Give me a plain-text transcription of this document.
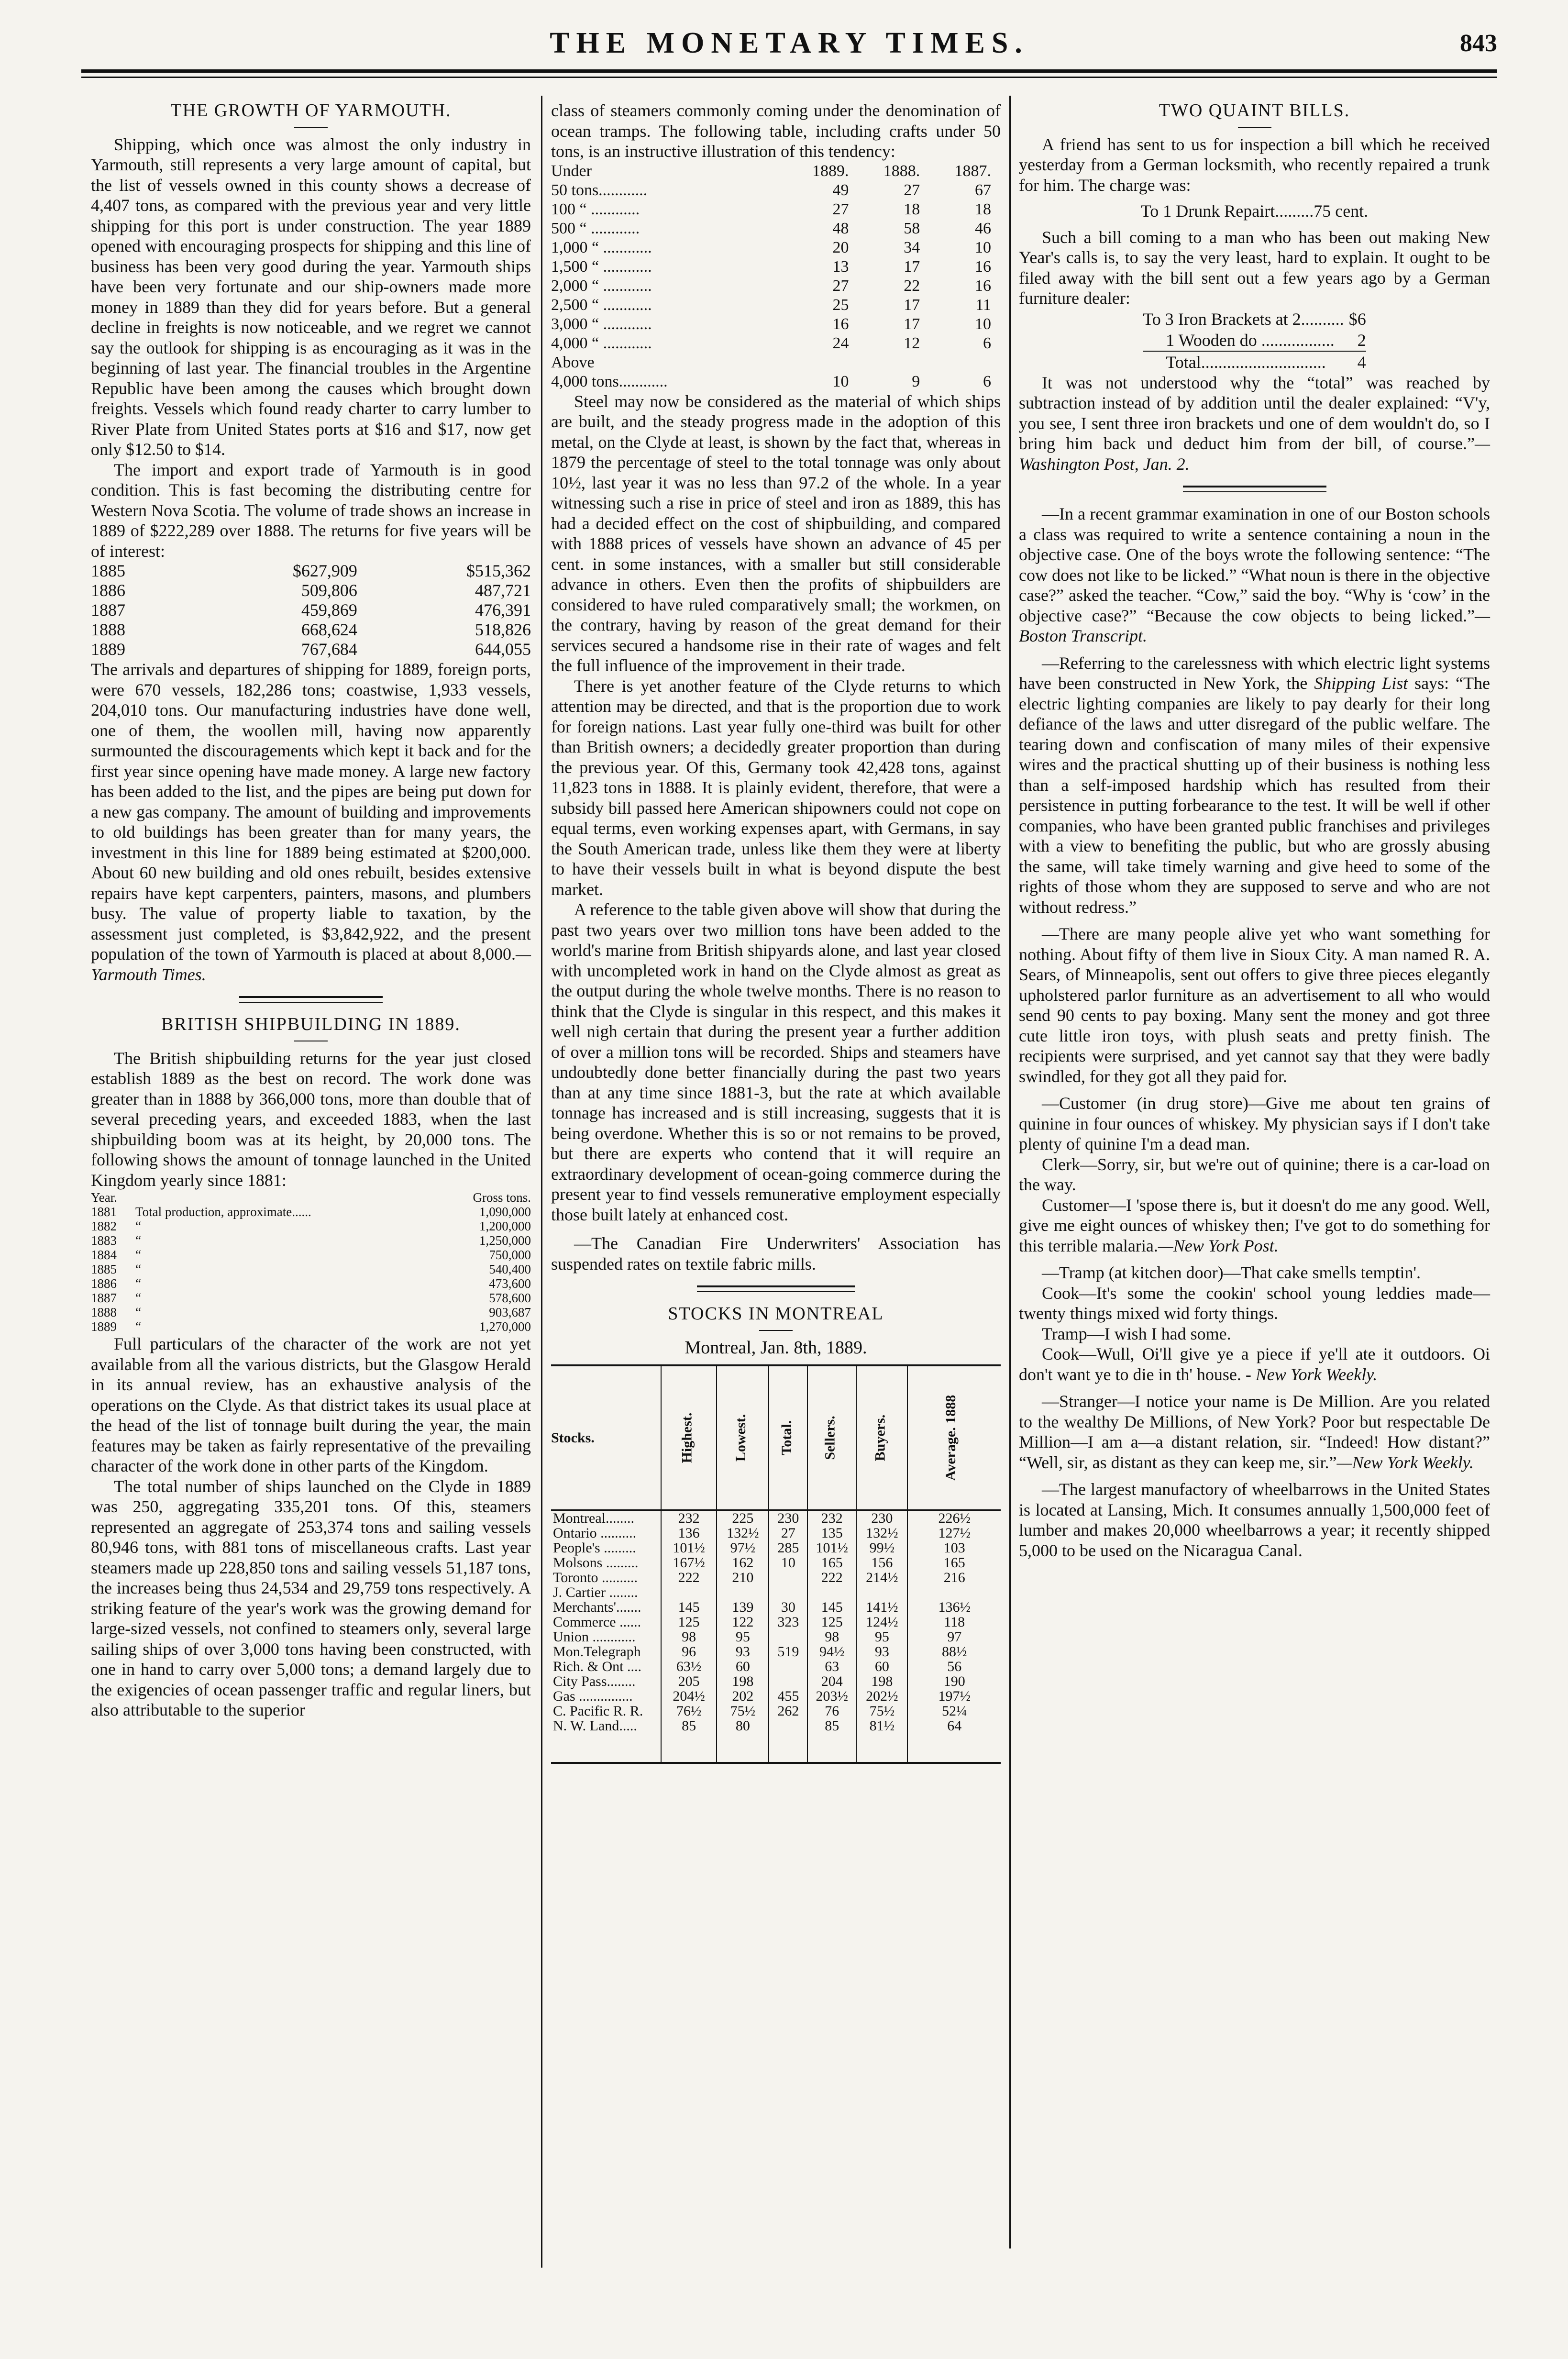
THE MONETARY TIMES.	843
THE GROWTH OF YARMOUTH.

Shipping, which once was almost the only industry in Yarmouth, still represents a very large amount of capital, but the list of vessels owned in this county shows a decrease of 4,407 tons, as compared with the previous year and very little shipping for this port is under construction. The year 1889 opened with encouraging prospects for shipping and this line of business has been very good during the year. Yarmouth ships have been very fortunate and our ship-owners made more money in 1889 than they did for years before. But a general decline in freights is now noticeable, and we regret we cannot say the outlook for shipping is as encouraging as it was in the beginning of last year. The financial troubles in the Argentine Republic have been among the causes which brought down freights. Vessels which found ready charter to carry lumber to River Plate from United States ports at $16 and $17, now get only $12.50 to $14.

The import and export trade of Yarmouth is in good condition. This is fast becoming the distributing centre for Western Nova Scotia. The volume of trade shows an increase in 1889 of $222,289 over 1888. The returns for five years will be of interest:

1885	$627,909	$515,362
1886	509,806	487,721
1887	459,869	476,391
1888	668,624	518,826
1889	767,684	644,055

The arrivals and departures of shipping for 1889, foreign ports, were 670 vessels, 182,286 tons; coastwise, 1,933 vessels, 204,010 tons. Our manufacturing industries have done well, one of them, the woollen mill, having now apparently surmounted the discouragements which kept it back and for the first year since opening have made money. A large new factory has been added to the list, and the pipes are being put down for a new gas company. The amount of building and improvements to old buildings has been greater than for many years, the investment in this line for 1889 being estimated at $200,000. About 60 new building and old ones rebuilt, besides extensive repairs have kept carpenters, painters, masons, and plumbers busy. The value of property liable to taxation, by the assessment just completed, is $3,842,922, and the present population of the town of Yarmouth is placed at about 8,000.—Yarmouth Times.

BRITISH SHIPBUILDING IN 1889.

The British shipbuilding returns for the year just closed establish 1889 as the best on record. The work done was greater than in 1888 by 366,000 tons, more than double that of several preceding years, and exceeded 1883, when the last shipbuilding boom was at its height, by 20,000 tons. The following shows the amount of tonnage launched in the United Kingdom yearly since 1881:

Year.		Gross tons.
1881	Total production, approximate......	1,090,000
1882	“	1,200,000
1883	“	1,250,000
1884	“	750,000
1885	“	540,400
1886	“	473,600
1887	“	578,600
1888	“	903,687
1889	“	1,270,000

Full particulars of the character of the work are not yet available from all the various districts, but the Glasgow Herald in its annual review, has an exhaustive analysis of the operations on the Clyde. As that district takes its usual place at the head of the list of tonnage built during the year, the main features may be taken as fairly representative of the prevailing character of the work done in other parts of the Kingdom.

The total number of ships launched on the Clyde in 1889 was 250, aggregating 335,201 tons. Of this, steamers represented an aggregate of 253,374 tons and sailing vessels 80,946 tons, with 881 tons of miscellaneous crafts. Last year steamers made up 228,850 tons and sailing vessels 51,187 tons, the increases being thus 24,534 and 29,759 tons respectively. A striking feature of the year's work was the growing demand for large-sized vessels, not confined to steamers only, several large sailing ships of over 3,000 tons having been constructed, with one in hand to carry over 5,000 tons; a demand largely due to the exigencies of ocean passenger traffic and regular liners, but also attributable to the superior

class of steamers commonly coming under the denomination of ocean tramps. The following table, including crafts under 50 tons, is an instructive illustration of this tendency:

Under	1889.	1888.	1887.
50 tons............	49	27	67
100 “ ............	27	18	18
500 “ ............	48	58	46
1,000 “ ............	20	34	10
1,500 “ ............	13	17	16
2,000 “ ............	27	22	16
2,500 “ ............	25	17	11
3,000 “ ............	16	17	10
4,000 “ ............	24	12	6
Above			
4,000 tons............	10	9	6

Steel may now be considered as the material of which ships are built, and the steady progress made in the adoption of this metal, on the Clyde at least, is shown by the fact that, whereas in 1879 the percentage of steel to the total tonnage was only about 10½, last year it was no less than 97.2 of the whole. In a year witnessing such a rise in price of steel and iron as 1889, this has had a decided effect on the cost of shipbuilding, and compared with 1888 prices of vessels have shown an advance of 45 per cent. in some instances, with a smaller but still considerable advance in others. Even then the profits of shipbuilders are considered to have ruled comparatively small; the workmen, on the contrary, having by reason of the great demand for their services secured a handsome rise in their rate of wages and felt the full influence of the improvement in their trade.

There is yet another feature of the Clyde returns to which attention may be directed, and that is the proportion due to work for foreign nations. Last year fully one-third was built for other than British owners; a decidedly greater proportion than during the previous year. Of this, Germany took 42,428 tons, against 11,823 tons in 1888. It is plainly evident, therefore, that were a subsidy bill passed here American shipowners could not cope on equal terms, even working expenses apart, with Germans, in say the South American trade, unless like them they were at liberty to have their vessels built in what is beyond dispute the best market.

A reference to the table given above will show that during the past two years over two million tons have been added to the world's marine from British shipyards alone, and last year closed with uncompleted work in hand on the Clyde almost as great as the output during the whole twelve months. There is no reason to think that the Clyde is singular in this respect, and this makes it well nigh certain that during the present year a further addition of over a million tons will be recorded. Ships and steamers have undoubtedly done better financially during the past two years than at any time since 1881-3, but the rate at which available tonnage has increased and is still increasing, suggests that it is being overdone. Whether this is so or not remains to be proved, but there are experts who contend that it will require an extraordinary development of ocean-going commerce during the present year to find vessels remunerative employment especially those built lately at enhanced cost.

—The Canadian Fire Underwriters' Association has suspended rates on textile fabric mills.

STOCKS IN MONTREAL
Montreal, Jan. 8th, 1889.
Stocks.	Highest.	Lowest.	Total.	Sellers.	Buyers.	Average. 1888
Montreal........	232	225	230	232	230	226½
Ontario ..........	136	132½	27	135	132½	127½
People's .........	101½	97½	285	101½	99½	103
Molsons .........	167½	162	10	165	156	165
Toronto ..........	222	210		222	214½	216
J. Cartier ........						
Merchants'.......	145	139	30	145	141½	136½
Commerce ......	125	122	323	125	124½	118
Union ............	98	95		98	95	97
Mon.Telegraph	96	93	519	94½	93	88½
Rich. & Ont ....	63½	60		63	60	56
City Pass........	205	198		204	198	190
Gas ...............	204½	202	455	203½	202½	197½
C. Pacific R. R.	76½	75½	262	76	75½	52¼
N. W. Land.....	85	80		85	81½	64

TWO QUAINT BILLS.

A friend has sent to us for inspection a bill which he received yesterday from a German locksmith, who recently repaired a trunk for him. The charge was:

To 1 Drunk Repairt.........75 cent.

Such a bill coming to a man who has been out making New Year's calls is, to say the very least, hard to explain. It ought to be filed away with the bill sent out a few years ago by a German furniture dealer:

To 3 Iron Brackets at 2..........	$6
1 Wooden do .................	2
Total.............................	4

It was not understood why the “total” was reached by subtraction instead of by addition until the dealer explained: “V'y, you see, I sent three iron brackets und one of dem wouldn't do, so I bring him back und deduct him from der bill, of course.”—Washington Post, Jan. 2.

—In a recent grammar examination in one of our Boston schools a class was required to write a sentence containing a noun in the objective case. One of the boys wrote the following sentence: “The cow does not like to be licked.” “What noun is there in the objective case?” asked the teacher. “Cow,” said the boy. “Why is ‘cow’ in the objective case?” “Because the cow objects to being licked.”—Boston Transcript.

—Referring to the carelessness with which electric light systems have been constructed in New York, the Shipping List says: “The electric lighting companies are likely to pay dearly for their long defiance of the laws and utter disregard of the public welfare. The tearing down and confiscation of many miles of their expensive wires and the practical shutting up of their business is nothing less than a self-imposed hardship which has resulted from their persistence in putting forbearance to the test. It will be well if other companies, who have been granted public franchises and privileges with a view to benefiting the public, but who are grossly abusing the same, will take timely warning and give heed to some of the rights of those whom they are supposed to serve and who are not without redress.”

—There are many people alive yet who want something for nothing. About fifty of them live in Sioux City. A man named R. A. Sears, of Minneapolis, sent out offers to give three pieces elegantly upholstered parlor furniture as an advertisement to all who would send 90 cents to pay boxing. Many sent the money and got three cute little iron toys, with plush seats and pretty finish. The recipients were surprised, and yet cannot say that they were badly swindled, for they got all they paid for.

—Customer (in drug store)—Give me about ten grains of quinine in four ounces of whiskey. My physician says if I don't take plenty of quinine I'm a dead man.

Clerk—Sorry, sir, but we're out of quinine; there is a car-load on the way.

Customer—I 'spose there is, but it doesn't do me any good. Well, give me eight ounces of whiskey then; I've got to do something for this terrible malaria.—New York Post.

—Tramp (at kitchen door)—That cake smells temptin'.

Cook—It's some the cookin' school young leddies made—twenty things mixed wid forty things.

Tramp—I wish I had some.

Cook—Wull, Oi'll give ye a piece if ye'll ate it outdoors. Oi don't want ye to die in th' house. - New York Weekly.

—Stranger—I notice your name is De Million. Are you related to the wealthy De Millions, of New York? Poor but respectable De Million—I am a—a distant relation, sir. “Indeed! How distant?” “Well, sir, as distant as they can keep me, sir.”—New York Weekly.

—The largest manufactory of wheelbarrows in the United States is located at Lansing, Mich. It consumes annually 1,500,000 feet of lumber and makes 20,000 wheelbarrows a year; it recently shipped 5,000 to be used on the Nicaragua Canal.
